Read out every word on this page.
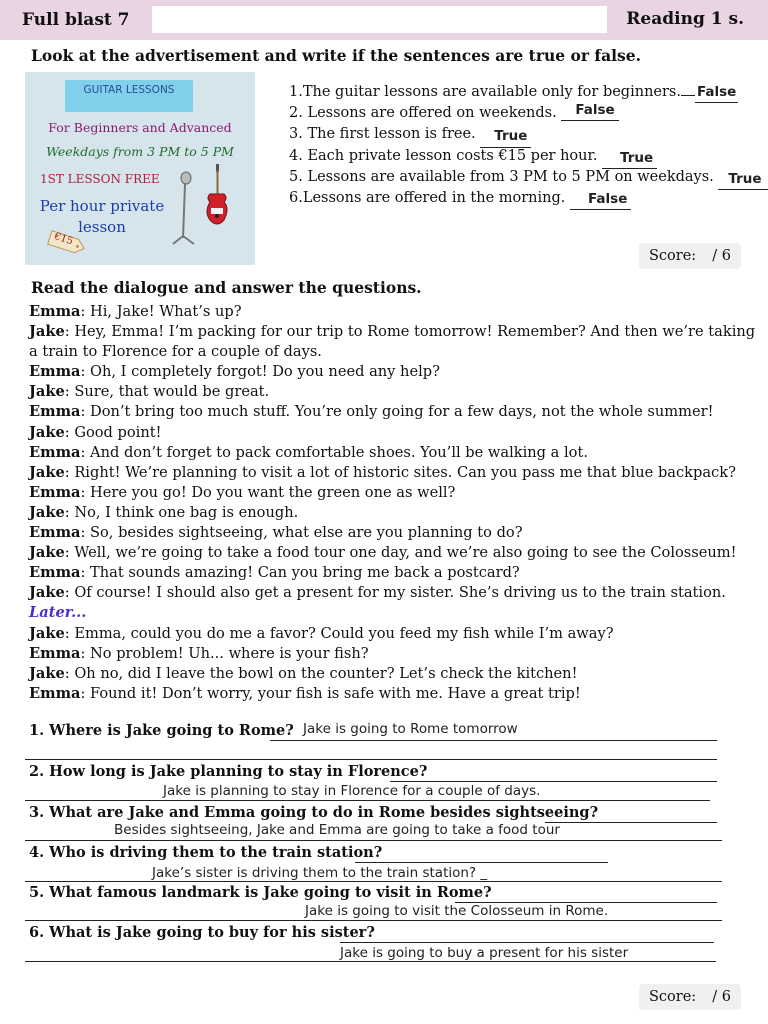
Full blast 7	Reading 1 s.
Look at the advertisement and write if the sentences are true or false.
GUITAR LESSONS
For Beginners and Advanced
Weekdays from 3 PM to 5 PM
1ST LESSON FREE
Per hour private lesson
€15
1.The guitar lessons are available only for beginners. False
2. Lessons are offered on weekends. False
3. The first lesson is free. True
4. Each private lesson costs €15 per hour. True
5. Lessons are available from 3 PM to 5 PM on weekdays. True
6.Lessons are offered in the morning. False
Score: / 6
Read the dialogue and answer the questions.
Emma: Hi, Jake! What’s up?
Jake: Hey, Emma! I’m packing for our trip to Rome tomorrow! Remember? And then we’re taking
a train to Florence for a couple of days.
Emma: Oh, I completely forgot! Do you need any help?
Jake: Sure, that would be great.
Emma: Don’t bring too much stuff. You’re only going for a few days, not the whole summer!
Jake: Good point!
Emma: And don’t forget to pack comfortable shoes. You’ll be walking a lot.
Jake: Right! We’re planning to visit a lot of historic sites. Can you pass me that blue backpack?
Emma: Here you go! Do you want the green one as well?
Jake: No, I think one bag is enough.
Emma: So, besides sightseeing, what else are you planning to do?
Jake: Well, we’re going to take a food tour one day, and we’re also going to see the Colosseum!
Emma: That sounds amazing! Can you bring me back a postcard?
Jake: Of course! I should also get a present for my sister. She’s driving us to the train station.
Later...
Jake: Emma, could you do me a favor? Could you feed my fish while I’m away?
Emma: No problem! Uh... where is your fish?
Jake: Oh no, did I leave the bowl on the counter? Let’s check the kitchen!
Emma: Found it! Don’t worry, your fish is safe with me. Have a great trip!
1. Where is Jake going to Rome? Jake is going to Rome tomorrow
2. How long is Jake planning to stay in Florence?
Jake is planning to stay in Florence for a couple of days.
3. What are Jake and Emma going to do in Rome besides sightseeing?
Besides sightseeing, Jake and Emma are going to take a food tour
4. Who is driving them to the train station?
Jake’s sister is driving them to the train station? _
5. What famous landmark is Jake going to visit in Rome?
Jake is going to visit the Colosseum in Rome.
6. What is Jake going to buy for his sister?
Jake is going to buy a present for his sister
Score: / 6
